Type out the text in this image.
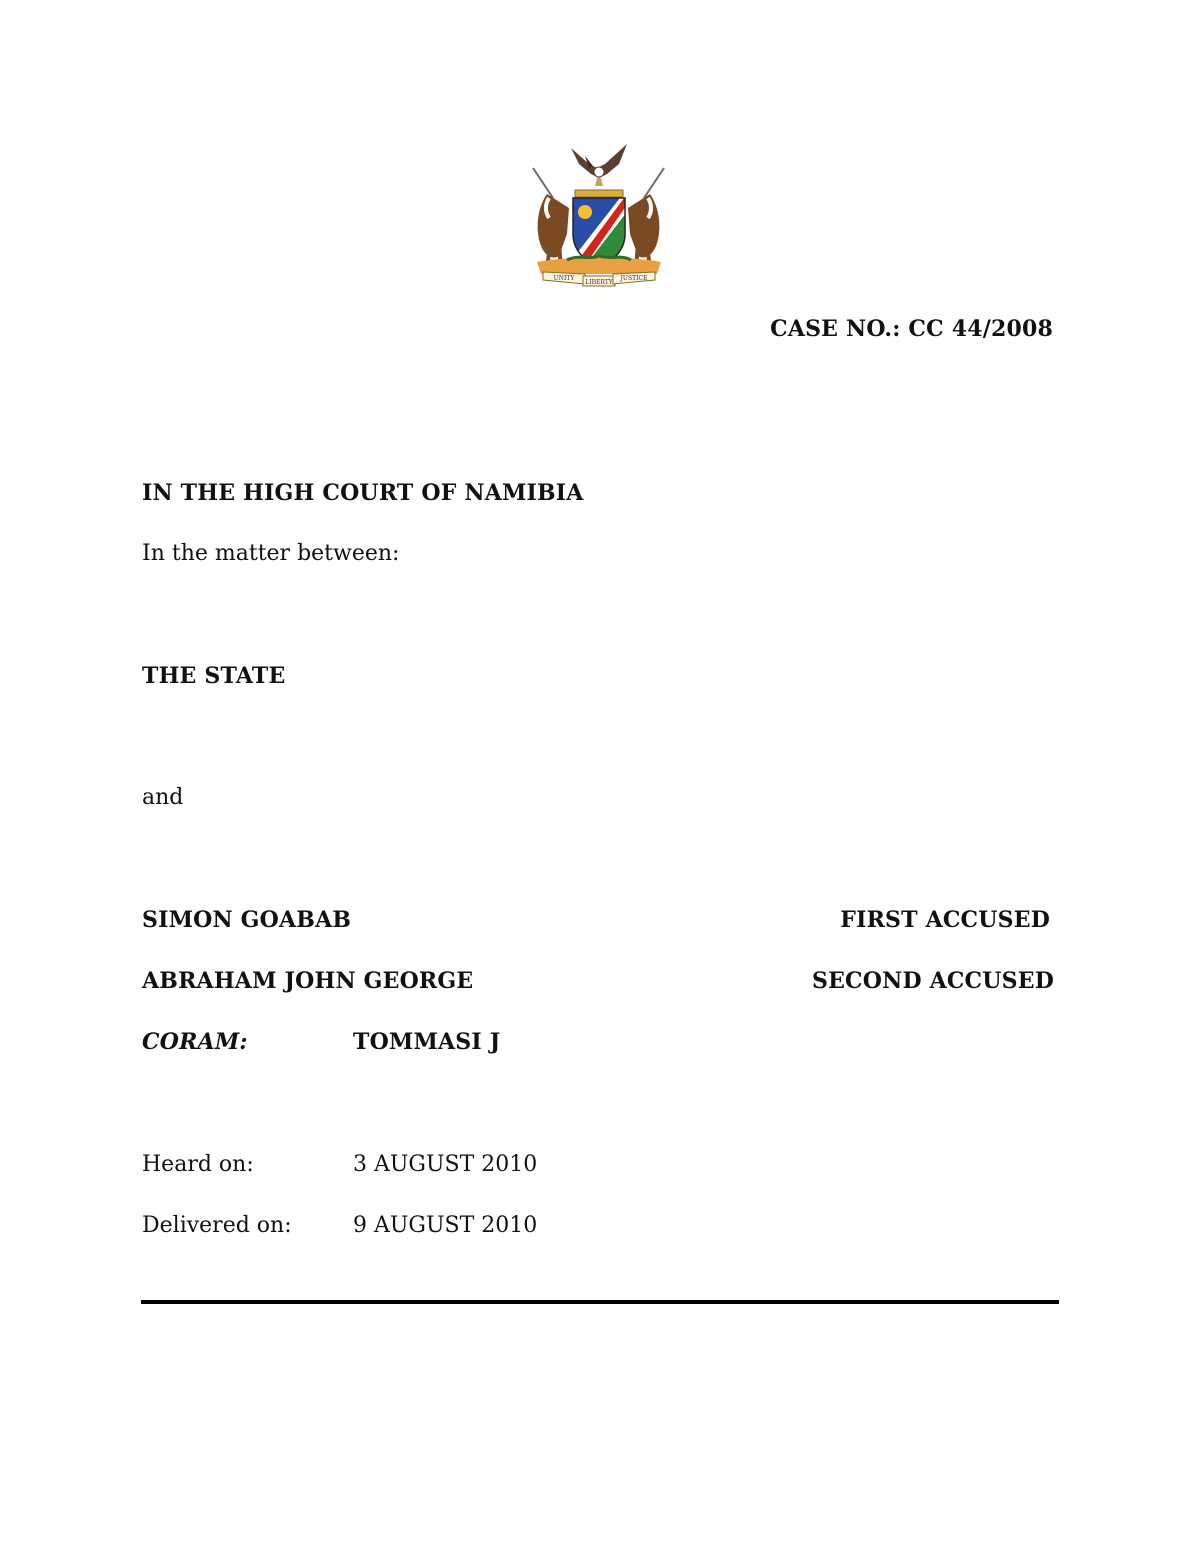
UNITY
LIBERTY
JUSTICE
CASE NO.: CC 44/2008
IN THE HIGH COURT OF NAMIBIA
In the matter between:
THE STATE
and
SIMON GOABAB	FIRST ACCUSED
ABRAHAM JOHN GEORGE	SECOND ACCUSED
CORAM:	TOMMASI J
Heard on:	3 AUGUST 2010
Delivered on:	9 AUGUST 2010
